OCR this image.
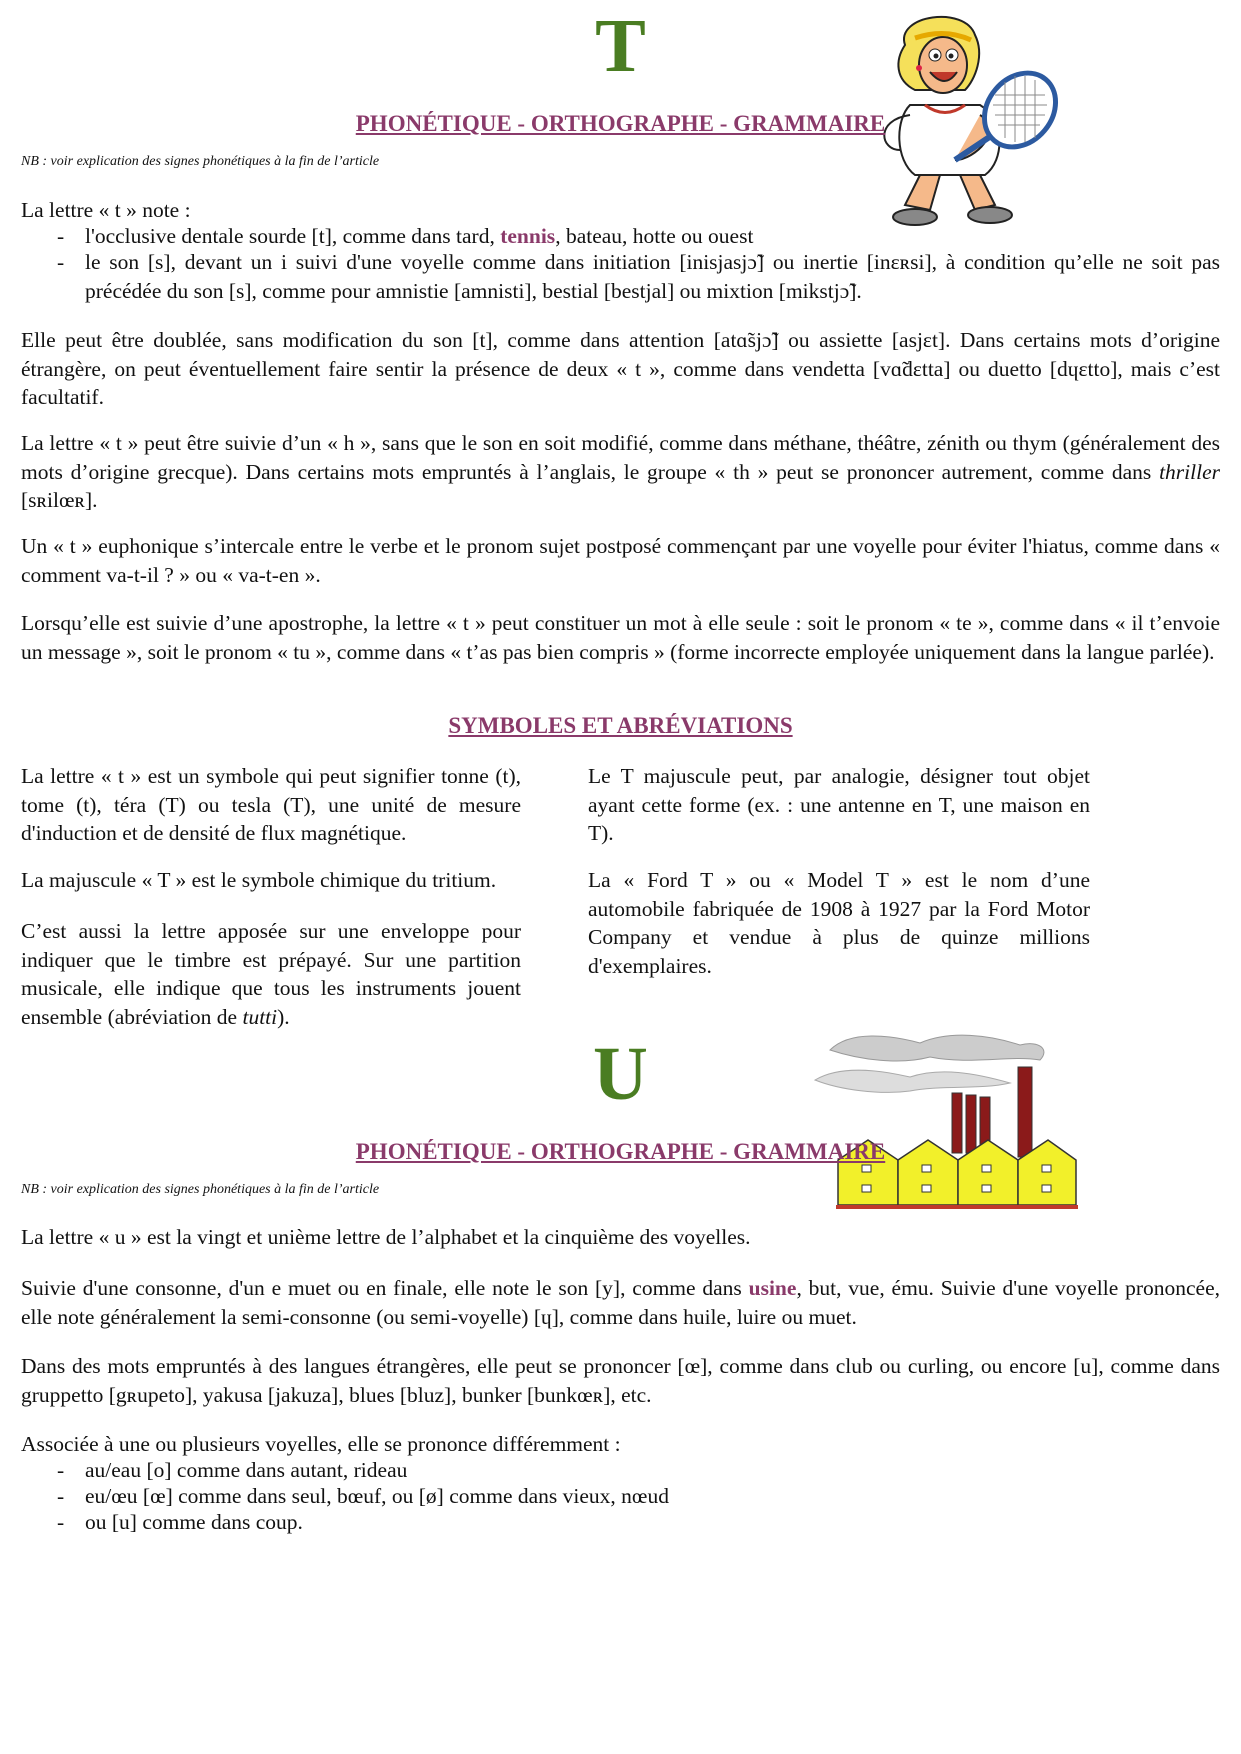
T
PHONÉTIQUE - ORTHOGRAPHE - GRAMMAIRE
NB : voir explication des signes phonétiques à la fin de l’article

La lettre « t » note :

- l'occlusive dentale sourde [t], comme dans tard, tennis, bateau, hotte ou ouest

- le son [s], devant un i suivi d'une voyelle comme dans initiation [inisjasjɔ̃] ou inertie [inɛʀsi], à condition qu’elle ne soit pas précédée du son [s], comme pour amnistie [amnisti], bestial [bestjal] ou mixtion [mikstjɔ̃].

Elle peut être doublée, sans modification du son [t], comme dans attention [atɑ̃sjɔ̃] ou assiette [asjɛt]. Dans certains mots d’origine étrangère, on peut éventuellement faire sentir la présence de deux « t », comme dans vendetta [vɑ̃dɛtta] ou duetto [dɥɛtto], mais c’est facultatif.

La lettre « t » peut être suivie d’un « h », sans que le son en soit modifié, comme dans méthane, théâtre, zénith ou thym (généralement des mots d’origine grecque). Dans certains mots empruntés à l’anglais, le groupe « th » peut se prononcer autrement, comme dans thriller [sʀilœʀ].

Un « t » euphonique s’intercale entre le verbe et le pronom sujet postposé commençant par une voyelle pour éviter l'hiatus, comme dans « comment va-t-il ? » ou « va-t-en ».

Lorsqu’elle est suivie d’une apostrophe, la lettre « t » peut constituer un mot à elle seule : soit le pronom « te », comme dans « il t’envoie un message », soit le pronom « tu », comme dans « t’as pas bien compris » (forme incorrecte employée uniquement dans la langue parlée).

SYMBOLES ET ABRÉVIATIONS

La lettre « t » est un symbole qui peut signifier tonne (t), tome (t), téra (T) ou tesla (T), une unité de mesure d'induction et de densité de flux magnétique.

La majuscule « T » est le symbole chimique du tritium.

C’est aussi la lettre apposée sur une enveloppe pour indiquer que le timbre est prépayé. Sur une partition musicale, elle indique que tous les instruments jouent ensemble (abréviation de tutti).

Le T majuscule peut, par analogie, désigner tout objet ayant cette forme (ex. : une antenne en T, une maison en T).

La « Ford T » ou « Model T » est le nom d’une automobile fabriquée de 1908 à 1927 par la Ford Motor Company et vendue à plus de quinze millions d'exemplaires.

U
PHONÉTIQUE - ORTHOGRAPHE - GRAMMAIRE
NB : voir explication des signes phonétiques à la fin de l’article

La lettre « u » est la vingt et unième lettre de l’alphabet et la cinquième des voyelles.

Suivie d'une consonne, d'un e muet ou en finale, elle note le son [y], comme dans usine, but, vue, ému. Suivie d'une voyelle prononcée, elle note généralement la semi-consonne (ou semi-voyelle) [ɥ], comme dans huile, luire ou muet.

Dans des mots empruntés à des langues étrangères, elle peut se prononcer [œ], comme dans club ou curling, ou encore [u], comme dans gruppetto [gʀupeto], yakusa [jakuza], blues [bluz], bunker [bunkœʀ], etc.

Associée à une ou plusieurs voyelles, elle se prononce différemment :

- au/eau [o] comme dans autant, rideau

- eu/œu [œ] comme dans seul, bœuf, ou [ø] comme dans vieux, nœud

- ou [u] comme dans coup.
